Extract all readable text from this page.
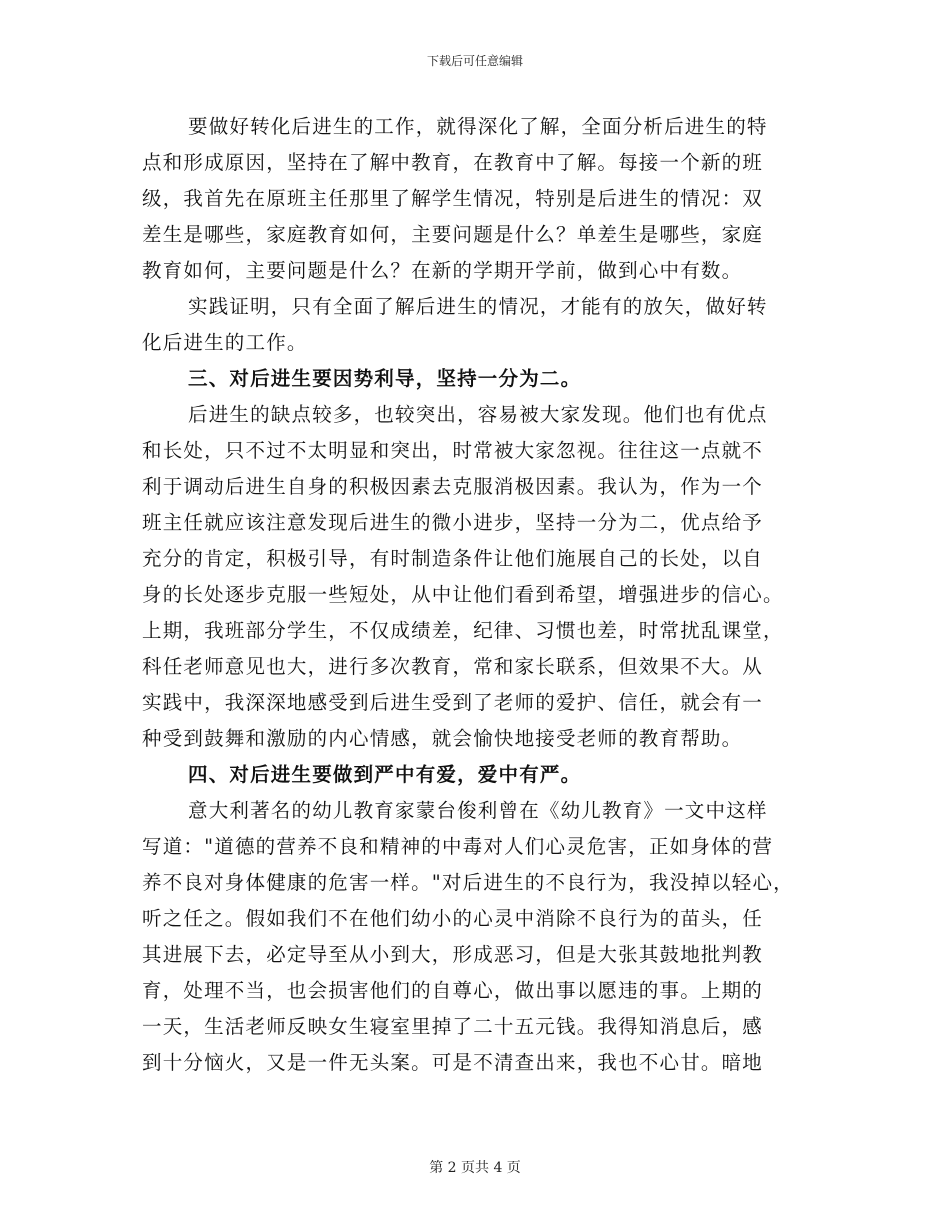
下载后可任意编辑
要做好转化后进生的工作，就得深化了解，全面分析后进生的特
点和形成原因，坚持在了解中教育，在教育中了解。每接一个新的班
级，我首先在原班主任那里了解学生情况，特别是后进生的情况：双
差生是哪些，家庭教育如何，主要问题是什么？单差生是哪些，家庭
教育如何，主要问题是什么？在新的学期开学前，做到心中有数。
实践证明，只有全面了解后进生的情况，才能有的放矢，做好转
化后进生的工作。
三、对后进生要因势利导，坚持一分为二。
后进生的缺点较多，也较突出，容易被大家发现。他们也有优点
和长处，只不过不太明显和突出，时常被大家忽视。往往这一点就不
利于调动后进生自身的积极因素去克服消极因素。我认为，作为一个
班主任就应该注意发现后进生的微小进步，坚持一分为二，优点给予
充分的肯定，积极引导，有时制造条件让他们施展自己的长处，以自
身的长处逐步克服一些短处，从中让他们看到希望，增强进步的信心。
上期，我班部分学生，不仅成绩差，纪律、习惯也差，时常扰乱课堂，
科任老师意见也大，进行多次教育，常和家长联系，但效果不大。从
实践中，我深深地感受到后进生受到了老师的爱护、信任，就会有一
种受到鼓舞和激励的内心情感，就会愉快地接受老师的教育帮助。
四、对后进生要做到严中有爱，爱中有严。
意大利著名的幼儿教育家蒙台俊利曾在《幼儿教育》一文中这样
写道："道德的营养不良和精神的中毒对人们心灵危害，正如身体的营
养不良对身体健康的危害一样。"对后进生的不良行为，我没掉以轻心，
听之任之。假如我们不在他们幼小的心灵中消除不良行为的苗头，任
其进展下去，必定导至从小到大，形成恶习，但是大张其鼓地批判教
育，处理不当，也会损害他们的自尊心，做出事以愿违的事。上期的
一天，生活老师反映女生寝室里掉了二十五元钱。我得知消息后，感
到十分恼火，又是一件无头案。可是不清查出来，我也不心甘。暗地
第 2 页共 4 页
